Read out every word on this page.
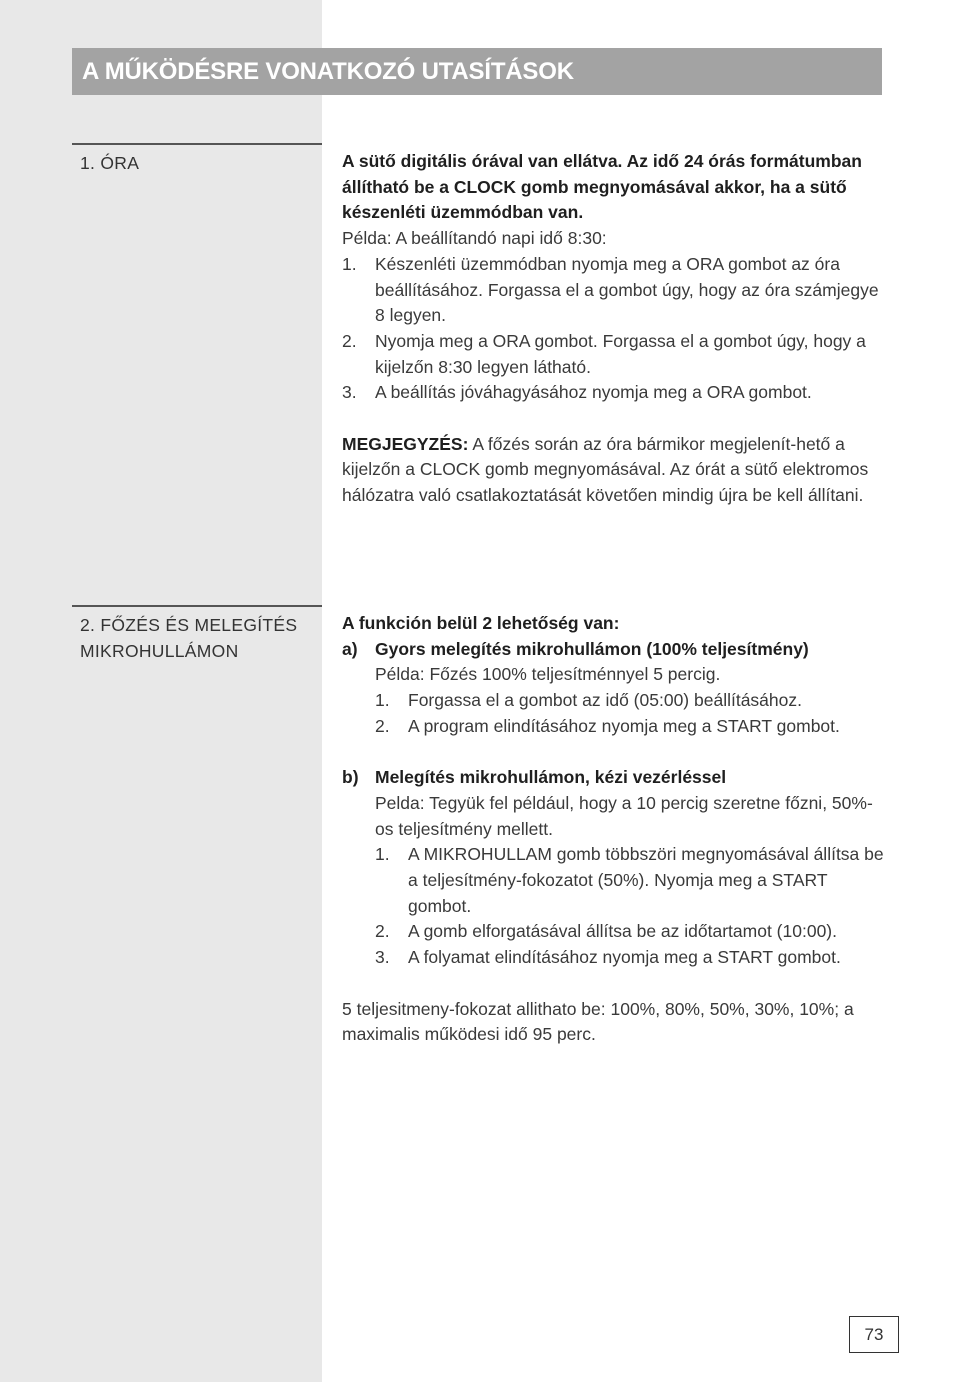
A MŰKÖDÉSRE VONATKOZÓ UTASÍTÁSOK
1. ÓRA	A sütő digitális órával van ellátva. Az idő 24 órás formátumban állítható be a CLOCK gomb megnyomásával akkor, ha a sütő készenléti üzemmódban van.

Példa: A beállítandó napi idő 8:30:

1.	Készenléti üzemmódban nyomja meg a ORA gombot az óra beállításához. Forgassa el a gombot úgy, hogy az óra számjegye 8 legyen.
2.	Nyomja meg a ORA gombot. Forgassa el a gombot úgy, hogy a kijelzőn 8:30 legyen látható.
3.	A beállítás jóváhagyásához nyomja meg a ORA gombot.

MEGJEGYZÉS: A főzés során az óra bármikor megjelenít-hető a kijelzőn a CLOCK gomb megnyomásával. Az órát a sütő elektromos hálózatra való csatlakoztatását követően mindig újra be kell állítani.

2. FŐZÉS ÉS MELEGÍTÉS MIKROHULLÁMON

A funkción belül 2 lehetőség van:

a) Gyors melegítés mikrohullámon (100% teljesítmény)

Példa: Főzés 100% teljesítménnyel 5 percig.

1.	Forgassa el a gombot az idő (05:00) beállításához.
2.	A program elindításához nyomja meg a START gombot.
b) Melegítés mikrohullámon, kézi vezérléssel

Pelda: Tegyük fel például, hogy a 10 percig szeretne főzni, 50%-os teljesítmény mellett.

1.	A MIKROHULLAM gomb többszöri megnyomásával állítsa be a teljesítmény-fokozatot (50%). Nyomja meg a START gombot.
2.	A gomb elforgatásával állítsa be az időtartamot (10:00).
3.	A folyamat elindításához nyomja meg a START gombot.

5 teljesitmeny-fokozat allithato be: 100%, 80%, 50%, 30%, 10%; a maximalis működesi idő 95 perc.

73
